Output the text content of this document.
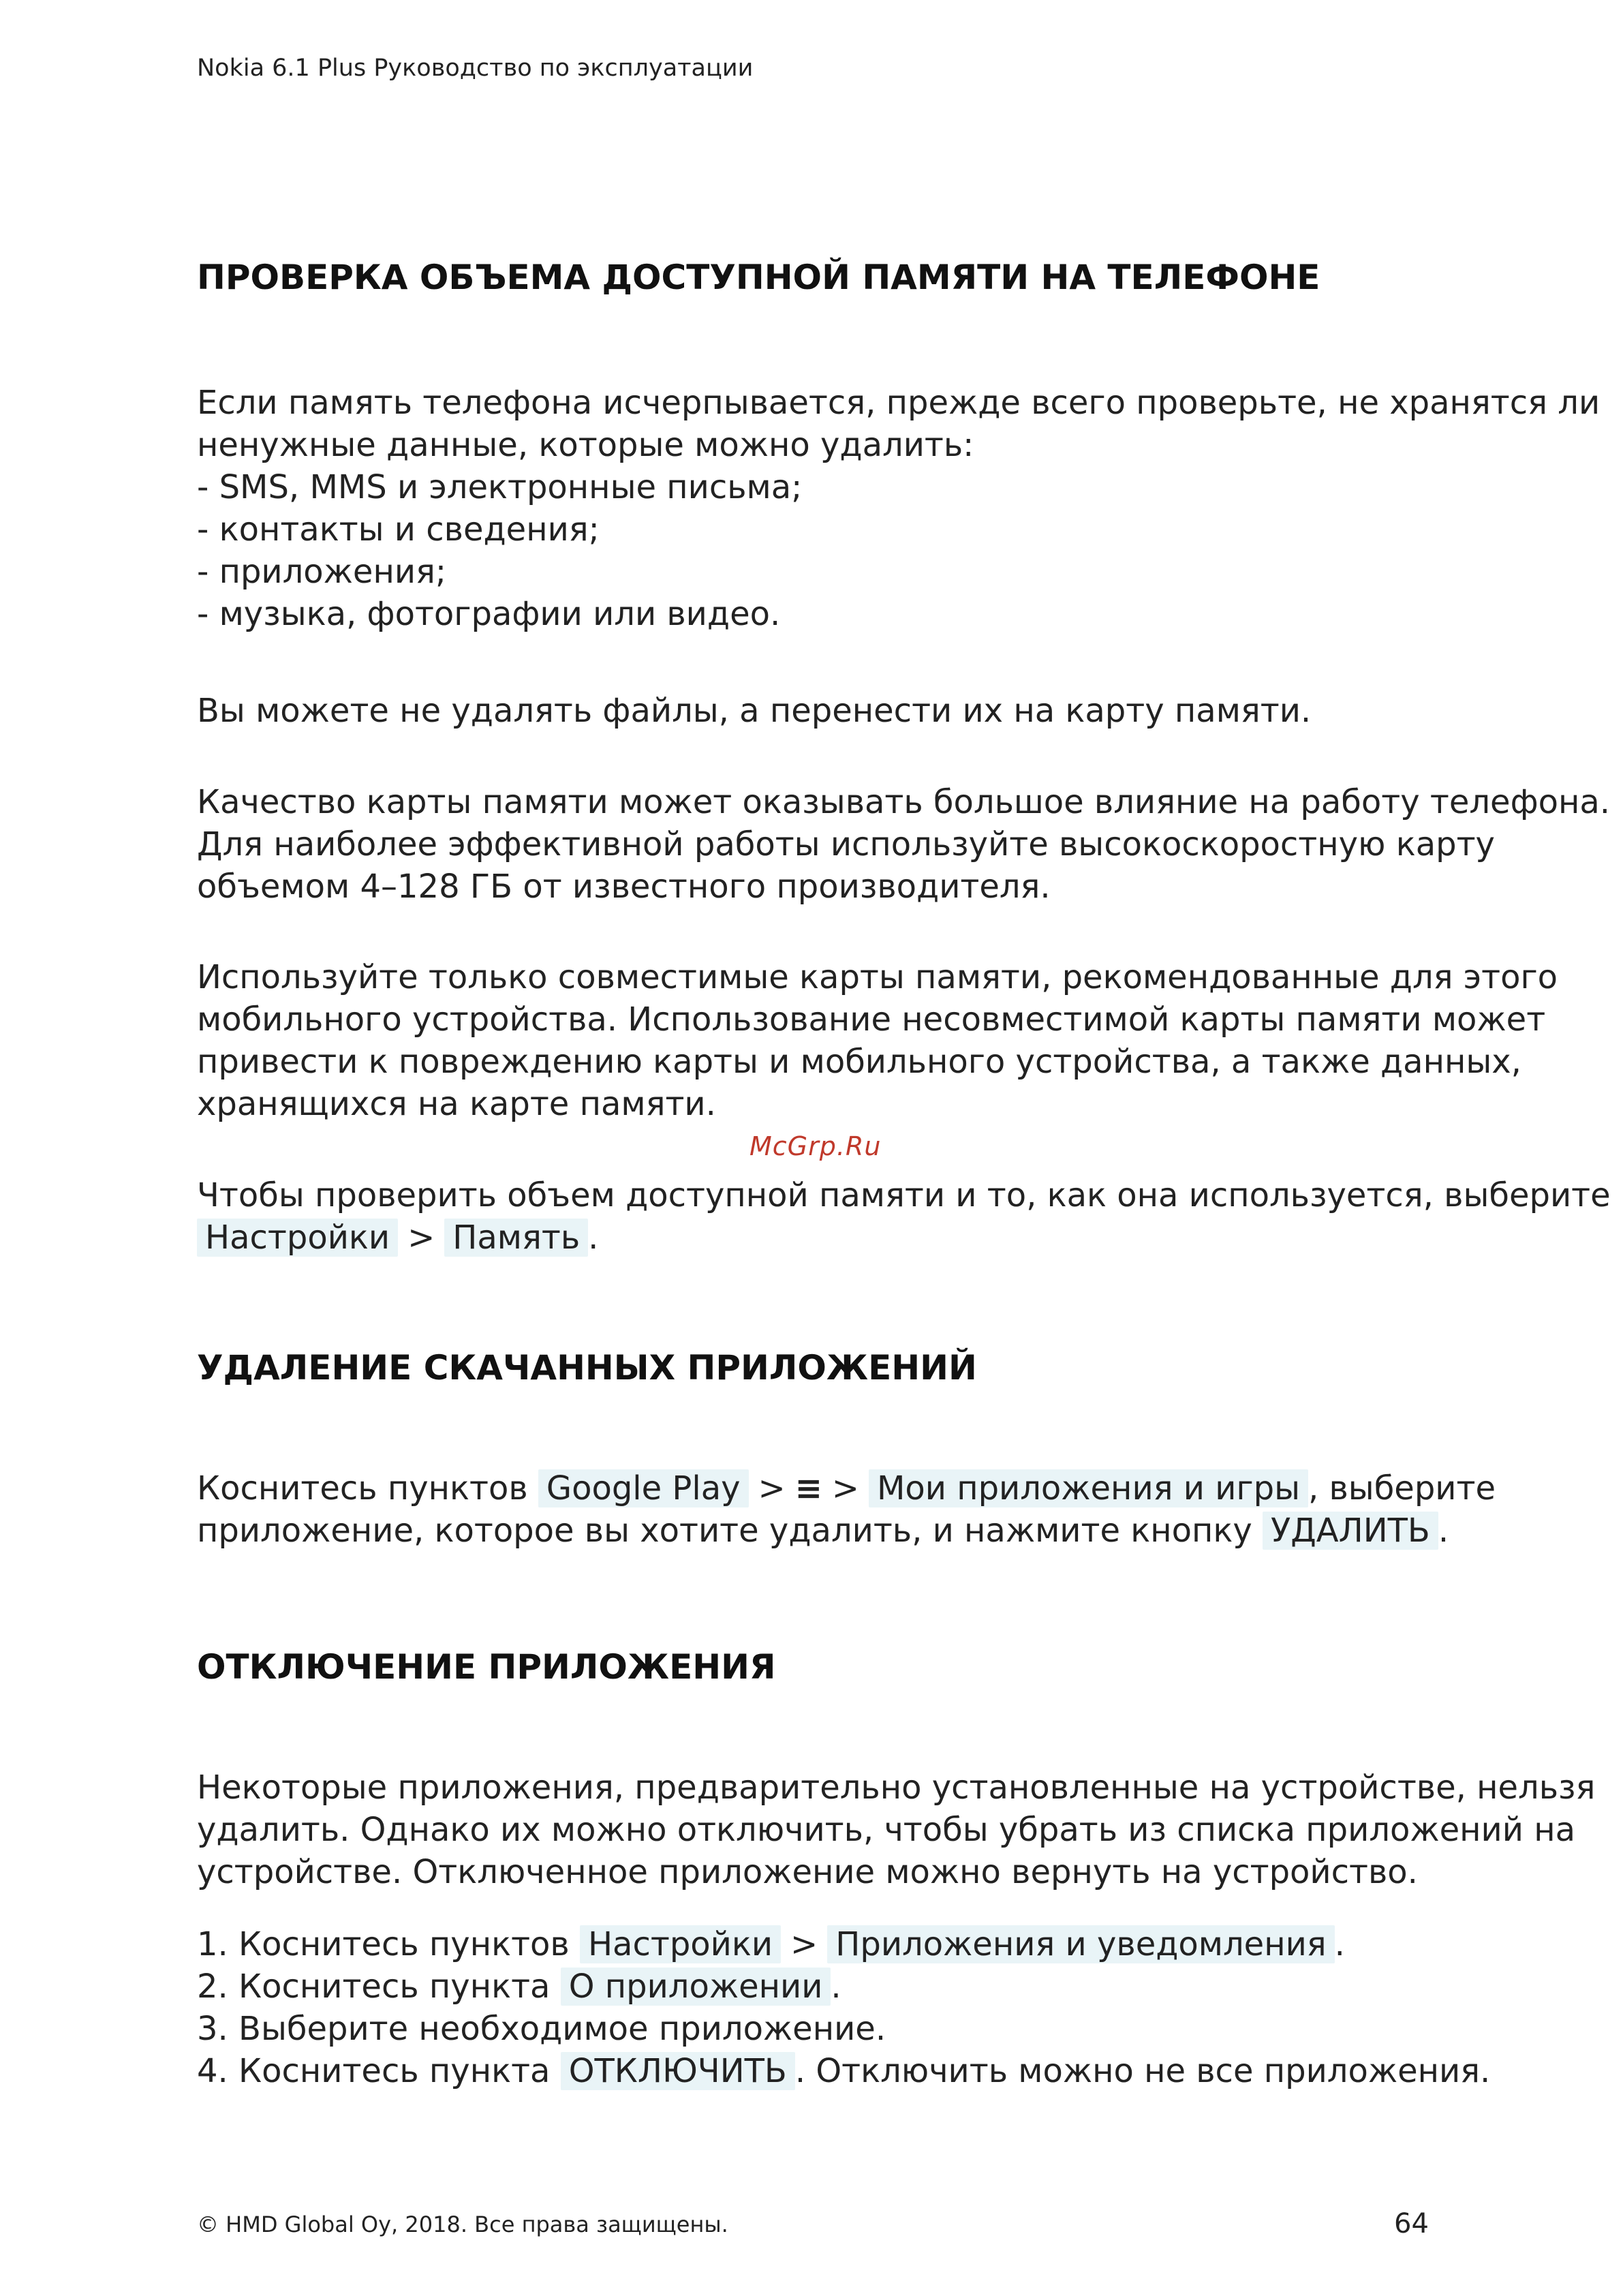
Nokia 6.1 Plus Руководство по эксплуатации
ПРОВЕРКА ОБЪЕМА ДОСТУПНОЙ ПАМЯТИ НА ТЕЛЕФОНЕ
Если память телефона исчерпывается, прежде всего проверьте, не хранятся ли
ненужные данные, которые можно удалить:
- SMS, MMS и электронные письма;
- контакты и сведения;
- приложения;
- музыка, фотографии или видео.
Вы можете не удалять файлы, а перенести их на карту памяти.
Качество карты памяти может оказывать большое влияние на работу телефона.
Для наиболее эффективной работы используйте высокоскоростную карту
объемом 4–128 ГБ от известного производителя.
Используйте только совместимые карты памяти, рекомендованные для этого
мобильного устройства. Использование несовместимой карты памяти может
привести к повреждению карты и мобильного устройства, а также данных,
хранящихся на карте памяти.
McGrp.Ru
Чтобы проверить объем доступной памяти и то, как она используется, выберите
Настройки > Память .
УДАЛЕНИЕ СКАЧАННЫХ ПРИЛОЖЕНИЙ
Коснитесь пунктов Google Play > ≡ > Мои приложения и игры , выберите
приложение, которое вы хотите удалить, и нажмите кнопку УДАЛИТЬ .
ОТКЛЮЧЕНИЕ ПРИЛОЖЕНИЯ
Некоторые приложения, предварительно установленные на устройстве, нельзя
удалить. Однако их можно отключить, чтобы убрать из списка приложений на
устройстве. Отключенное приложение можно вернуть на устройство.
1. Коснитесь пунктов Настройки > Приложения и уведомления .
2. Коснитесь пункта О приложении .
3. Выберите необходимое приложение.
4. Коснитесь пункта ОТКЛЮЧИТЬ . Отключить можно не все приложения.
© HMD Global Oy, 2018. Все права защищены.	64
